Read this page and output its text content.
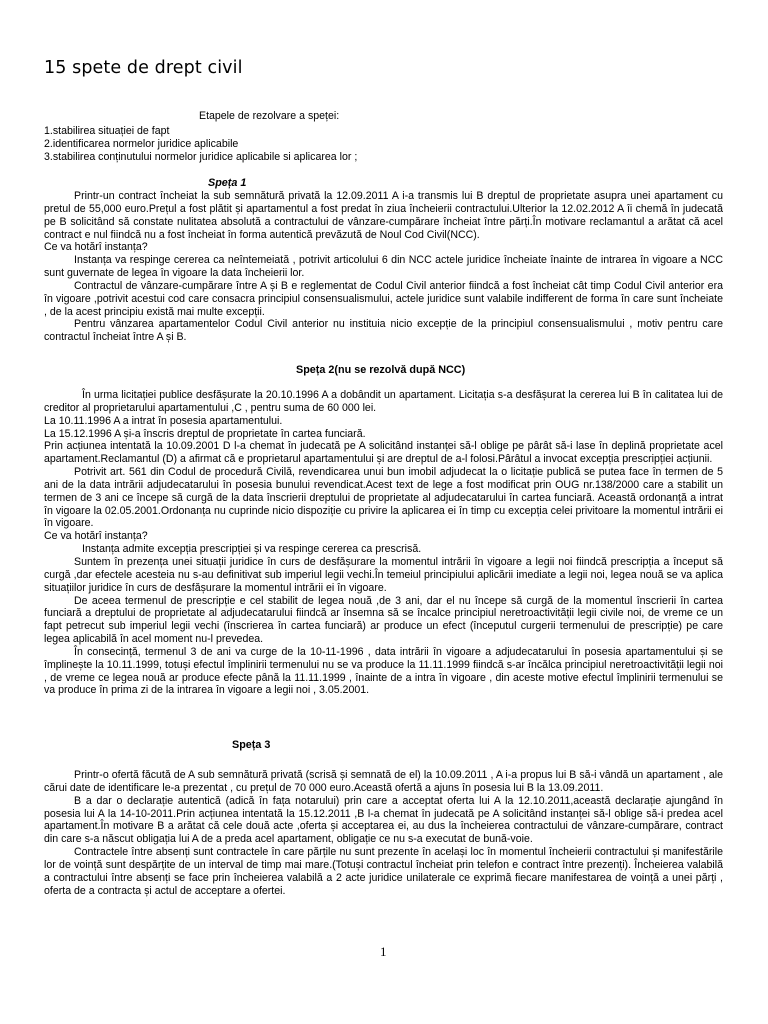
15 spete de drept civil
Etapele de rezolvare a speței:
1.stabilirea situației de fapt
2.identificarea normelor juridice aplicabile
3.stabilirea conținutului normelor juridice aplicabile si aplicarea lor ;
Speța 1

Printr-un contract încheiat la sub semnătură privată la 12.09.2011 A i-a transmis lui B dreptul de proprietate asupra unei apartament cu pretul de 55,000 euro.Prețul a fost plătit și apartamentul a fost predat în ziua încheierii contractului.Ulterior la 12.02.2012 A îi chemă în judecată pe B solicitând să constate nulitatea absolută a contractului de vânzare-cumpărare încheiat între părți.În motivare reclamantul a arătat că acel contract e nul fiindcă nu a fost încheiat în forma autentică prevăzută de Noul Cod Civil(NCC).

Ce va hotărî instanța?

Instanța va respinge cererea ca neîntemeiată , potrivit articolului 6 din NCC actele juridice încheiate înainte de intrarea în vigoare a NCC sunt guvernate de legea în vigoare la data încheierii lor.

Contractul de vânzare-cumpărare între A și B e reglementat de Codul Civil anterior fiindcă a fost încheiat cât timp Codul Civil anterior era în vigoare ,potrivit acestui cod care consacra principiul consensualismului, actele juridice sunt valabile indifferent de forma în care sunt încheiate , de la acest principiu există mai multe excepții.

Pentru vânzarea apartamentelor Codul Civil anterior nu instituia nicio excepție de la principiul consensualismului , motiv pentru care contractul încheiat între A și B.

Speța 2(nu se rezolvă după NCC)

În urma licitației publice desfășurate la 20.10.1996 A a dobândit un apartament. Licitația s-a desfășurat la cererea lui B în calitatea lui de creditor al proprietarului apartamentului ,C , pentru suma de 60 000 lei.

La 10.11.1996 A a intrat în posesia apartamentului.

La 15.12.1996 A și-a înscris dreptul de proprietate în cartea funciară.

Prin acțiunea intentată la 10.09.2001 D l-a chemat în judecată pe A solicitând instanței să-l oblige pe pârât să-i lase în deplină proprietate acel apartament.Reclamantul (D) a afirmat că e proprietarul apartamentului și are dreptul de a-l folosi.Pârâtul a invocat excepția prescripției acțiunii.

Potrivit art. 561 din Codul de procedură Civilă, revendicarea unui bun imobil adjudecat la o licitație publică se putea face în termen de 5 ani de la data intrării adjudecatarului în posesia bunului revendicat.Acest text de lege a fost modificat prin OUG nr.138/2000 care a stabilit un termen de 3 ani ce începe să curgă de la data înscrierii dreptului de proprietate al adjudecatarului în cartea funciară. Această ordonanță a intrat în vigoare la 02.05.2001.Ordonanța nu cuprinde nicio dispoziție cu privire la aplicarea ei în timp cu excepția celei privitoare la momentul intrării ei în vigoare.

Ce va hotărî instanța?

Instanța admite excepția prescripției și va respinge cererea ca prescrisă.

Suntem în prezența unei situații juridice în curs de desfășurare la momentul intrării în vigoare a legii noi fiindcă prescripția a început să curgă ,dar efectele acesteia nu s-au definitivat sub imperiul legii vechi.În temeiul principiului aplicării imediate a legii noi, legea nouă se va aplica situațiilor juridice în curs de desfășurare la momentul intrării ei în vigoare.

De aceea termenul de prescripție e cel stabilit de legea nouă ,de 3 ani, dar el nu începe să curgă de la momentul înscrierii în cartea funciară a dreptului de proprietate al adjudecatarului fiindcă ar însemna să se încalce principiul neretroactivității legii civile noi, de vreme ce un fapt petrecut sub imperiul legii vechi (înscrierea în cartea funciară) ar produce un efect (începutul curgerii termenului de prescripție) pe care legea aplicabilă în acel moment nu-l prevedea.

În consecință, termenul 3 de ani va curge de la 10-11-1996 , data intrării în vigoare a adjudecatarului în posesia apartamentului și se împlinește la 10.11.1999, totuși efectul împlinirii termenului nu se va produce la 11.11.1999 fiindcă s-ar încălca principiul neretroactivității legii noi , de vreme ce legea nouă ar produce efecte până la 11.11.1999 , înainte de a intra în vigoare , din aceste motive efectul împlinirii termenului se va produce în prima zi de la intrarea în vigoare a legii noi , 3.05.2001.

Speța 3

Printr-o ofertă făcută de A sub semnătură privată (scrisă și semnată de el) la 10.09.2011 , A i-a propus lui B să-i vândă un apartament , ale cărui date de identificare le-a prezentat , cu prețul de 70 000 euro.Această ofertă a ajuns în posesia lui B la 13.09.2011.

B a dar o declarație autentică (adică în fața notarului) prin care a acceptat oferta lui A la 12.10.2011,această declarație ajungând în posesia lui A la 14-10-2011.Prin acțiunea intentată la 15.12.2011 ,B l-a chemat în judecată pe A solicitând instanței să-l oblige să-i predea acel apartament.În motivare B a arătat că cele două acte ,oferta și acceptarea ei, au dus la încheierea contractului de vânzare-cumpărare, contract din care s-a născut obligația lui A de a preda acel apartament, obligație ce nu s-a executat de bună-voie.

Contractele între absenți sunt contractele în care părțile nu sunt prezente în același loc în momentul încheierii contractului și manifestările lor de voință sunt despărțite de un interval de timp mai mare.(Totuși contractul încheiat prin telefon e contract între prezenți). Încheierea valabilă a contractului între absenți se face prin încheierea valabilă a 2 acte juridice unilaterale ce exprimă fiecare manifestarea de voință a unei părți , oferta de a contracta și actul de acceptare a ofertei.

1
